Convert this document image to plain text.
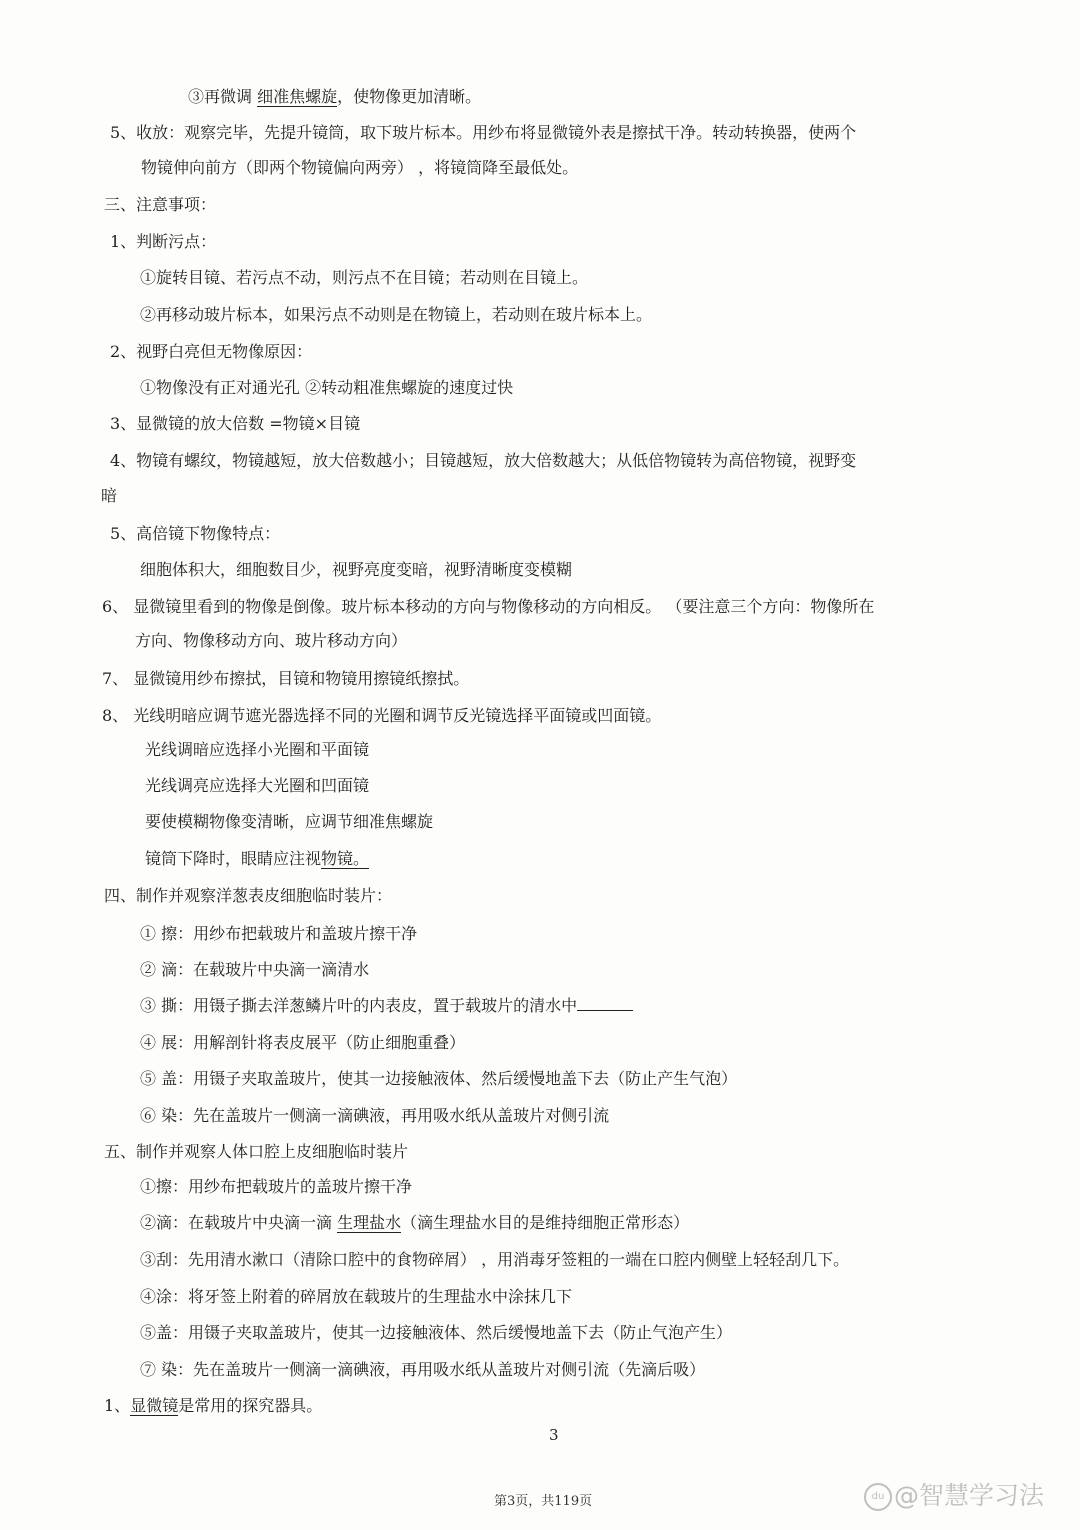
③再微调 细准焦螺旋，使物像更加清晰。
5、收放：观察完毕，先提升镜筒，取下玻片标本。用纱布将显微镜外表是擦拭干净。转动转换器，使两个
物镜伸向前方（即两个物镜偏向两旁） ，将镜筒降至最低处。
三、注意事项：
1、判断污点：
①旋转目镜、若污点不动，则污点不在目镜；若动则在目镜上。
②再移动玻片标本，如果污点不动则是在物镜上，若动则在玻片标本上。
2、视野白亮但无物像原因：
①物像没有正对通光孔 ②转动粗准焦螺旋的速度过快
3、显微镜的放大倍数 =物镜×目镜
4、物镜有螺纹，物镜越短，放大倍数越小；目镜越短，放大倍数越大；从低倍物镜转为高倍物镜，视野变
暗
5、高倍镜下物像特点：
细胞体积大，细胞数目少，视野亮度变暗，视野清晰度变模糊
6、 显微镜里看到的物像是倒像。玻片标本移动的方向与物像移动的方向相反。 （要注意三个方向：物像所在
方向、物像移动方向、玻片移动方向）
7、 显微镜用纱布擦拭，目镜和物镜用擦镜纸擦拭。
8、 光线明暗应调节遮光器选择不同的光圈和调节反光镜选择平面镜或凹面镜。
光线调暗应选择小光圈和平面镜
光线调亮应选择大光圈和凹面镜
要使模糊物像变清晰，应调节细准焦螺旋
镜筒下降时，眼睛应注视物镜。
四、制作并观察洋葱表皮细胞临时装片：
① 擦：用纱布把载玻片和盖玻片擦干净
② 滴：在载玻片中央滴一滴清水
③ 撕：用镊子撕去洋葱鳞片叶的内表皮，置于载玻片的清水中
④ 展：用解剖针将表皮展平（防止细胞重叠）
⑤ 盖：用镊子夹取盖玻片，使其一边接触液体、然后缓慢地盖下去（防止产生气泡）
⑥ 染：先在盖玻片一侧滴一滴碘液，再用吸水纸从盖玻片对侧引流
五、制作并观察人体口腔上皮细胞临时装片
①擦：用纱布把载玻片的盖玻片擦干净
②滴：在载玻片中央滴一滴 生理盐水（滴生理盐水目的是维持细胞正常形态）
③刮：先用清水漱口（清除口腔中的食物碎屑） ，用消毒牙签粗的一端在口腔内侧壁上轻轻刮几下。
④涂：将牙签上附着的碎屑放在载玻片的生理盐水中涂抹几下
⑤盖：用镊子夹取盖玻片，使其一边接触液体、然后缓慢地盖下去（防止气泡产生）
⑦ 染：先在盖玻片一侧滴一滴碘液，再用吸水纸从盖玻片对侧引流（先滴后吸）
1、显微镜是常用的探究器具。
3
第3页，共119页	du @智慧学习法
